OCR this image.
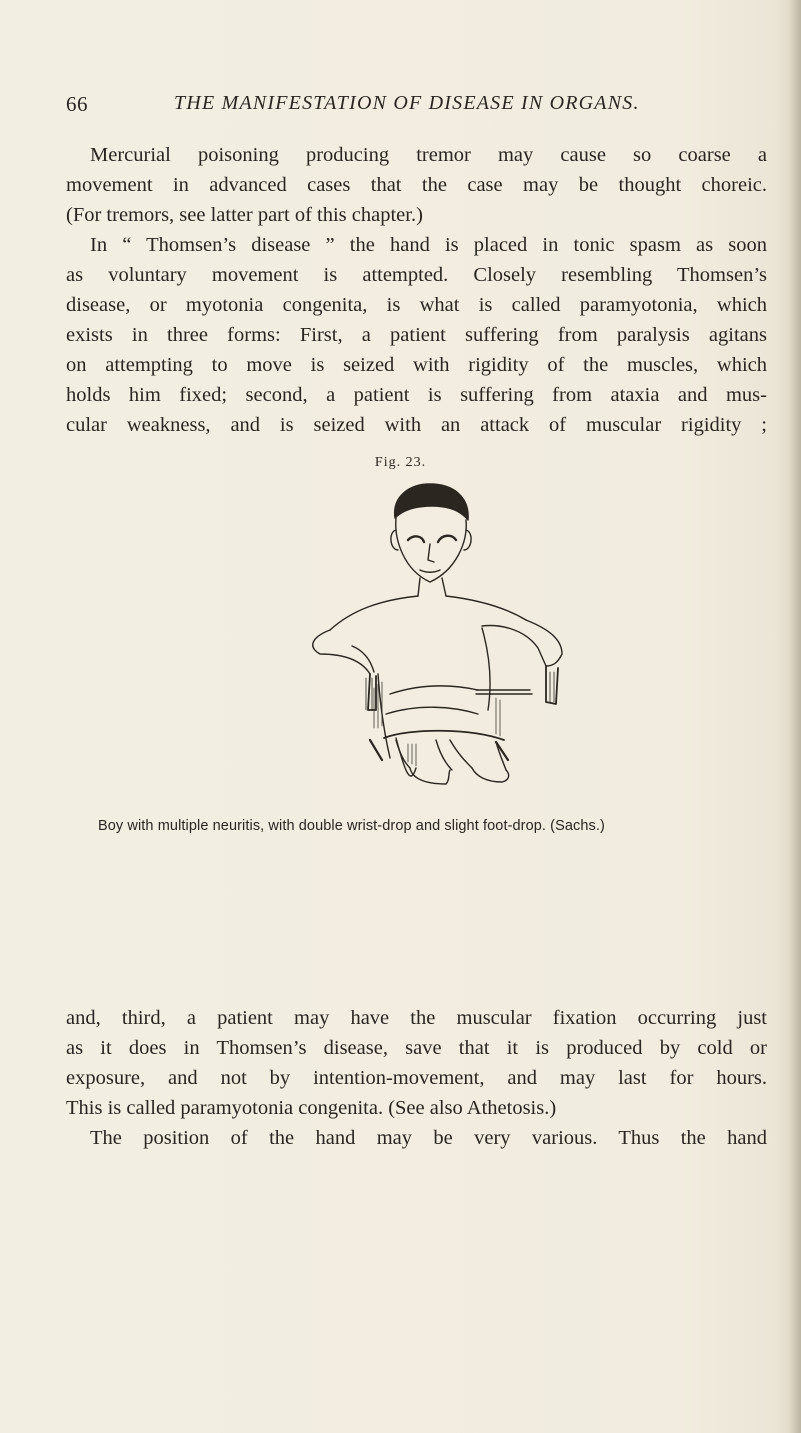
66	THE MANIFESTATION OF DISEASE IN ORGANS.
Mercurial poisoning producing tremor may cause so coarse a
movement in advanced cases that the case may be thought choreic.
(For tremors, see latter part of this chapter.)
In “ Thomsen’s disease ” the hand is placed in tonic spasm as soon
as voluntary movement is attempted. Closely resembling Thomsen’s
disease, or myotonia congenita, is what is called paramyotonia, which
exists in three forms: First, a patient suffering from paralysis agitans
on attempting to move is seized with rigidity of the muscles, which
holds him fixed; second, a patient is suffering from ataxia and mus-
cular weakness, and is seized with an attack of muscular rigidity ;
Fig. 23.
Boy with multiple neuritis, with double wrist-drop and slight foot-drop. (Sachs.)
and, third, a patient may have the muscular fixation occurring just
as it does in Thomsen’s disease, save that it is produced by cold or
exposure, and not by intention-movement, and may last for hours.
This is called paramyotonia congenita. (See also Athetosis.)
The position of the hand may be very various. Thus the hand
